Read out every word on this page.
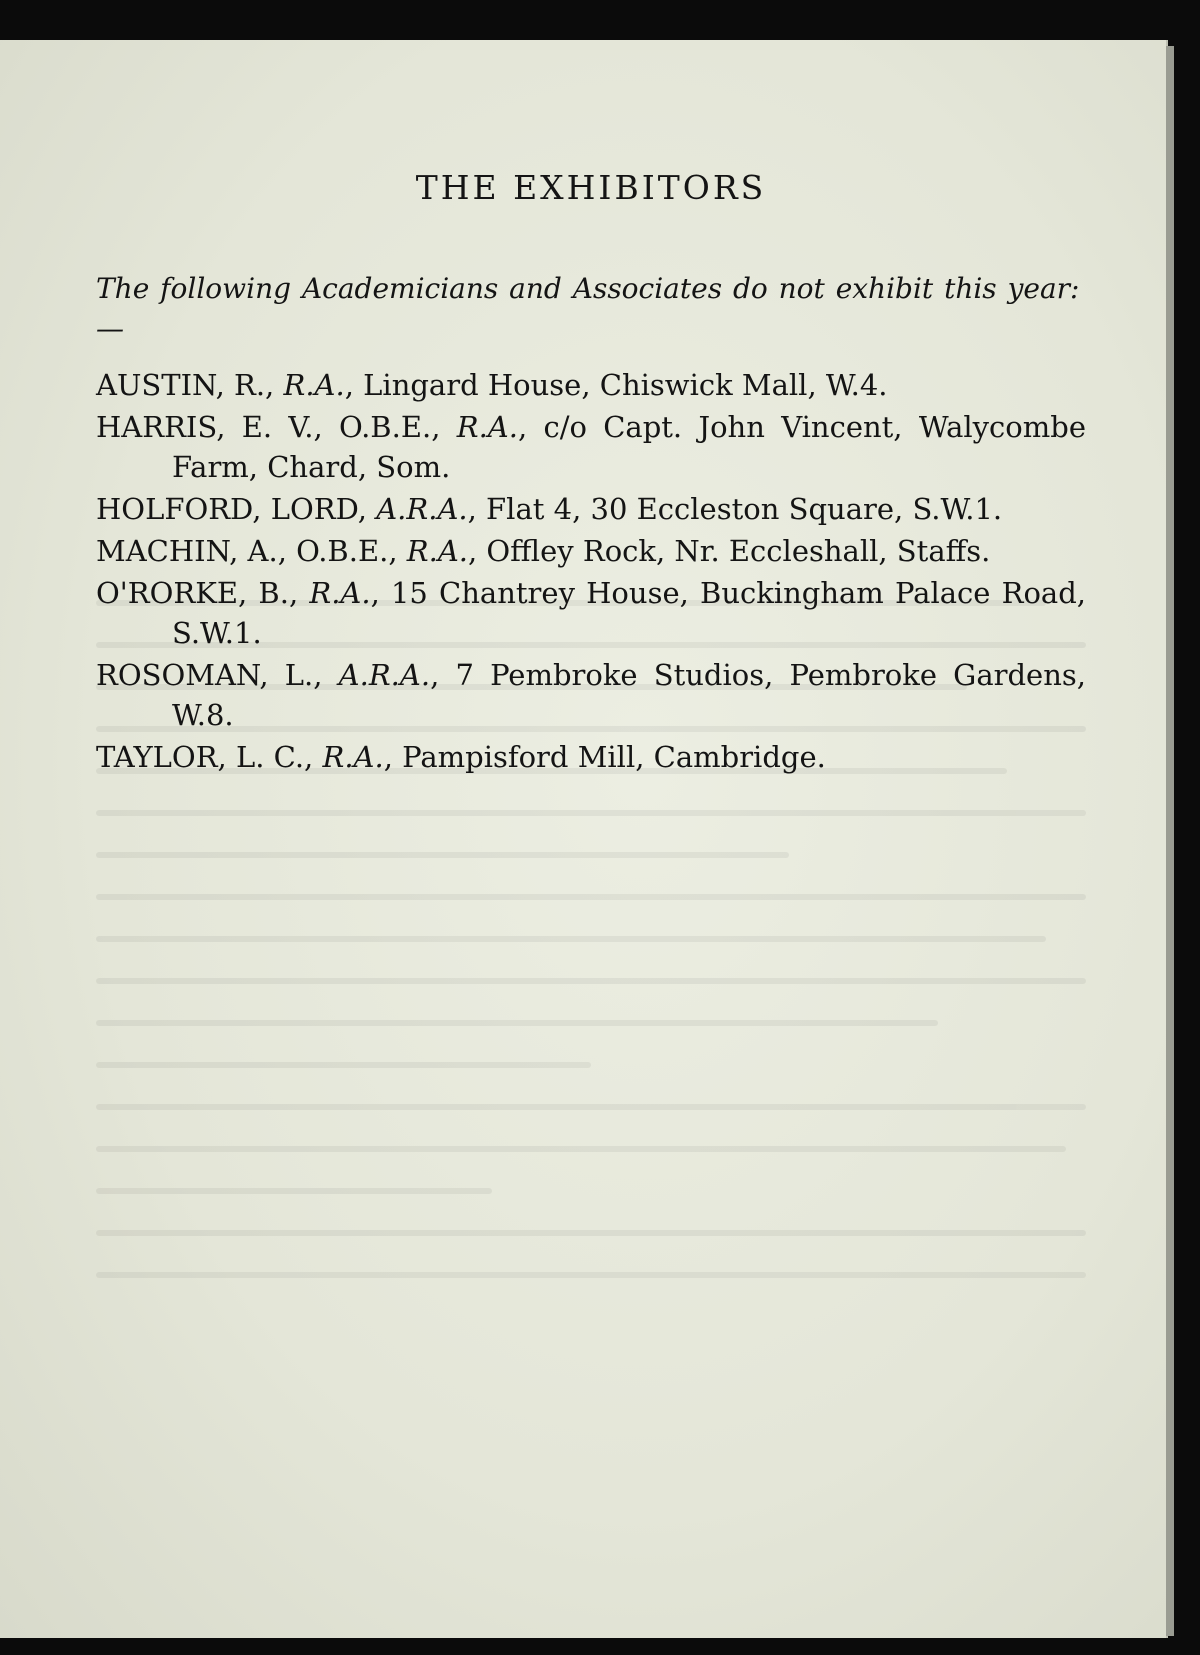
THE EXHIBITORS

The following Academicians and Associates do not exhibit this year:—

AUSTIN, R., R.A., Lingard House, Chiswick Mall, W.4.
HARRIS, E. V., O.B.E., R.A., c/o Capt. John Vincent, Walycombe Farm, Chard, Som.
HOLFORD, LORD, A.R.A., Flat 4, 30 Eccleston Square, S.W.1.
MACHIN, A., O.B.E., R.A., Offley Rock, Nr. Eccleshall, Staffs.
O'RORKE, B., R.A., 15 Chantrey House, Buckingham Palace Road, S.W.1.
ROSOMAN, L., A.R.A., 7 Pembroke Studios, Pembroke Gardens, W.8.
TAYLOR, L. C., R.A., Pampisford Mill, Cambridge.
